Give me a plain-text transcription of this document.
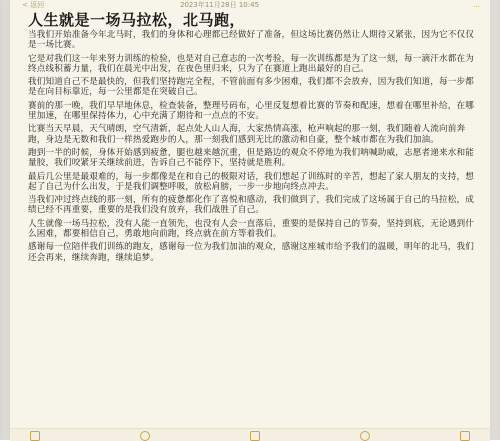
< 返回	2023年11月28日 10:45	…
人生就是一场马拉松，北马跑，

当我们开始准备今年北马时，我们的身体和心理都已经做好了准备，但这场比赛仍然让人期待又紧张，因为它不仅仅是一场比赛。

它是对我们这一年来努力训练的检验，也是对自己意志的一次考验，每一次训练都是为了这一刻，每一滴汗水都在为终点线积蓄力量，我们在晨光中出发，在夜色里归来，只为了在赛道上跑出最好的自己。

我们知道自己不是最快的，但我们坚持跑完全程，不管前面有多少困难，我们都不会放弃，因为我们知道，每一步都是在向目标靠近，每一公里都是在突破自己。

赛前的那一晚，我们早早地休息，检查装备，整理号码布，心里反复想着比赛的节奏和配速，想着在哪里补给，在哪里加速，在哪里保持体力，心中充满了期待和一点点的不安。

比赛当天早晨，天气晴朗，空气清新，起点处人山人海，大家热情高涨，枪声响起的那一刻，我们随着人流向前奔跑，身边是无数和我们一样热爱跑步的人，那一刻我们感到无比的激动和自豪，整个城市都在为我们加油。

跑到一半的时候，身体开始感到疲惫，腿也越来越沉重，但是路边的观众不停地为我们呐喊助威，志愿者递来水和能量胶，我们咬紧牙关继续前进，告诉自己不能停下，坚持就是胜利。

最后几公里是最艰难的，每一步都像是在和自己的极限对话，我们想起了训练时的辛苦，想起了家人朋友的支持，想起了自己为什么出发，于是我们调整呼吸，放松肩膀，一步一步地向终点冲去。

当我们冲过终点线的那一刻，所有的疲惫都化作了喜悦和感动，我们做到了，我们完成了这场属于自己的马拉松，成绩已经不再重要，重要的是我们没有放弃，我们战胜了自己。

人生就像一场马拉松，没有人能一直领先，也没有人会一直落后，重要的是保持自己的节奏，坚持到底，无论遇到什么困难，都要相信自己，勇敢地向前跑，终点就在前方等着我们。

感谢每一位陪伴我们训练的跑友，感谢每一位为我们加油的观众，感谢这座城市给予我们的温暖，明年的北马，我们还会再来，继续奔跑，继续追梦。
